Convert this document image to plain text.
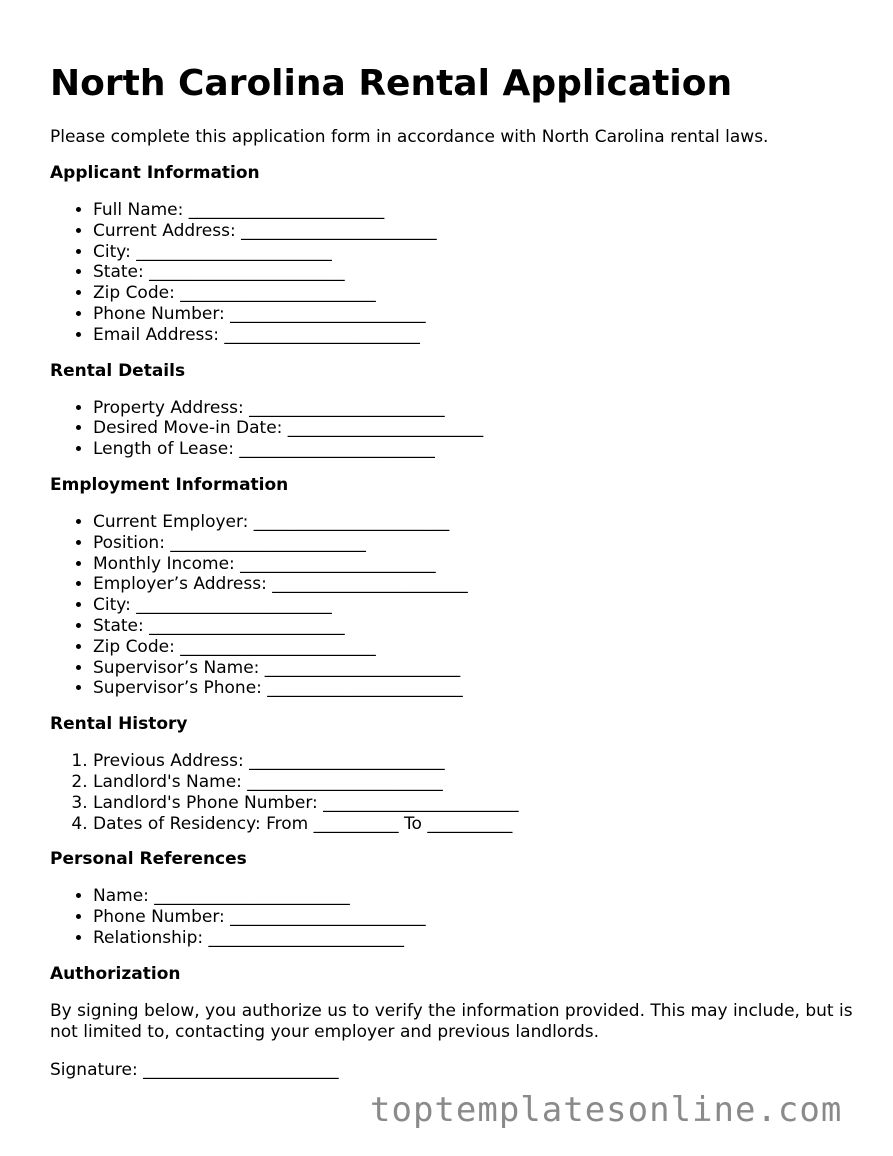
North Carolina Rental Application

Please complete this application form in accordance with North Carolina rental laws.

Applicant Information
• Full Name: _______________________
• Current Address: _______________________
• City: _______________________
• State: _______________________
• Zip Code: _______________________
• Phone Number: _______________________
• Email Address: _______________________
Rental Details
• Property Address: _______________________
• Desired Move-in Date: _______________________
• Length of Lease: _______________________
Employment Information
• Current Employer: _______________________
• Position: _______________________
• Monthly Income: _______________________
• Employer’s Address: _______________________
• City: _______________________
• State: _______________________
• Zip Code: _______________________
• Supervisor’s Name: _______________________
• Supervisor’s Phone: _______________________
Rental History
1. Previous Address: _______________________
2. Landlord's Name: _______________________
3. Landlord's Phone Number: _______________________
4. Dates of Residency: From __________ To __________
Personal References
• Name: _______________________
• Phone Number: _______________________
• Relationship: _______________________
Authorization

By signing below, you authorize us to verify the information provided. This may include, but is not limited to, contacting your employer and previous landlords.

Signature: _______________________

toptemplatesonline.com
